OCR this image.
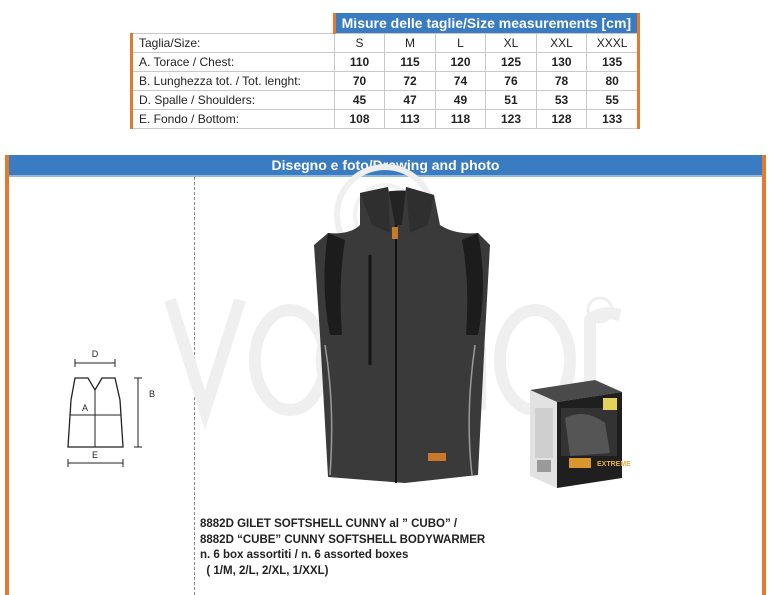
	Misure delle taglie/Size measurements [cm]					
Taglia/Size:	S	M	L	XL	XXL	XXXL
A. Torace / Chest:	110	115	120	125	130	135
B. Lunghezza tot. / Tot. lenght:	70	72	74	76	78	80
D. Spalle / Shoulders:	45	47	49	51	53	55
E. Fondo / Bottom:	108	113	118	123	128	133
Disegno e foto/Drawing and photo
D
A
B
E
EXTREME
8882D GILET SOFTSHELL CUNNY al ” CUBO” /
8882D “CUBE” CUNNY SOFTSHELL BODYWARMER
n. 6 box assortiti / n. 6 assorted boxes
( 1/M, 2/L, 2/XL, 1/XXL)
